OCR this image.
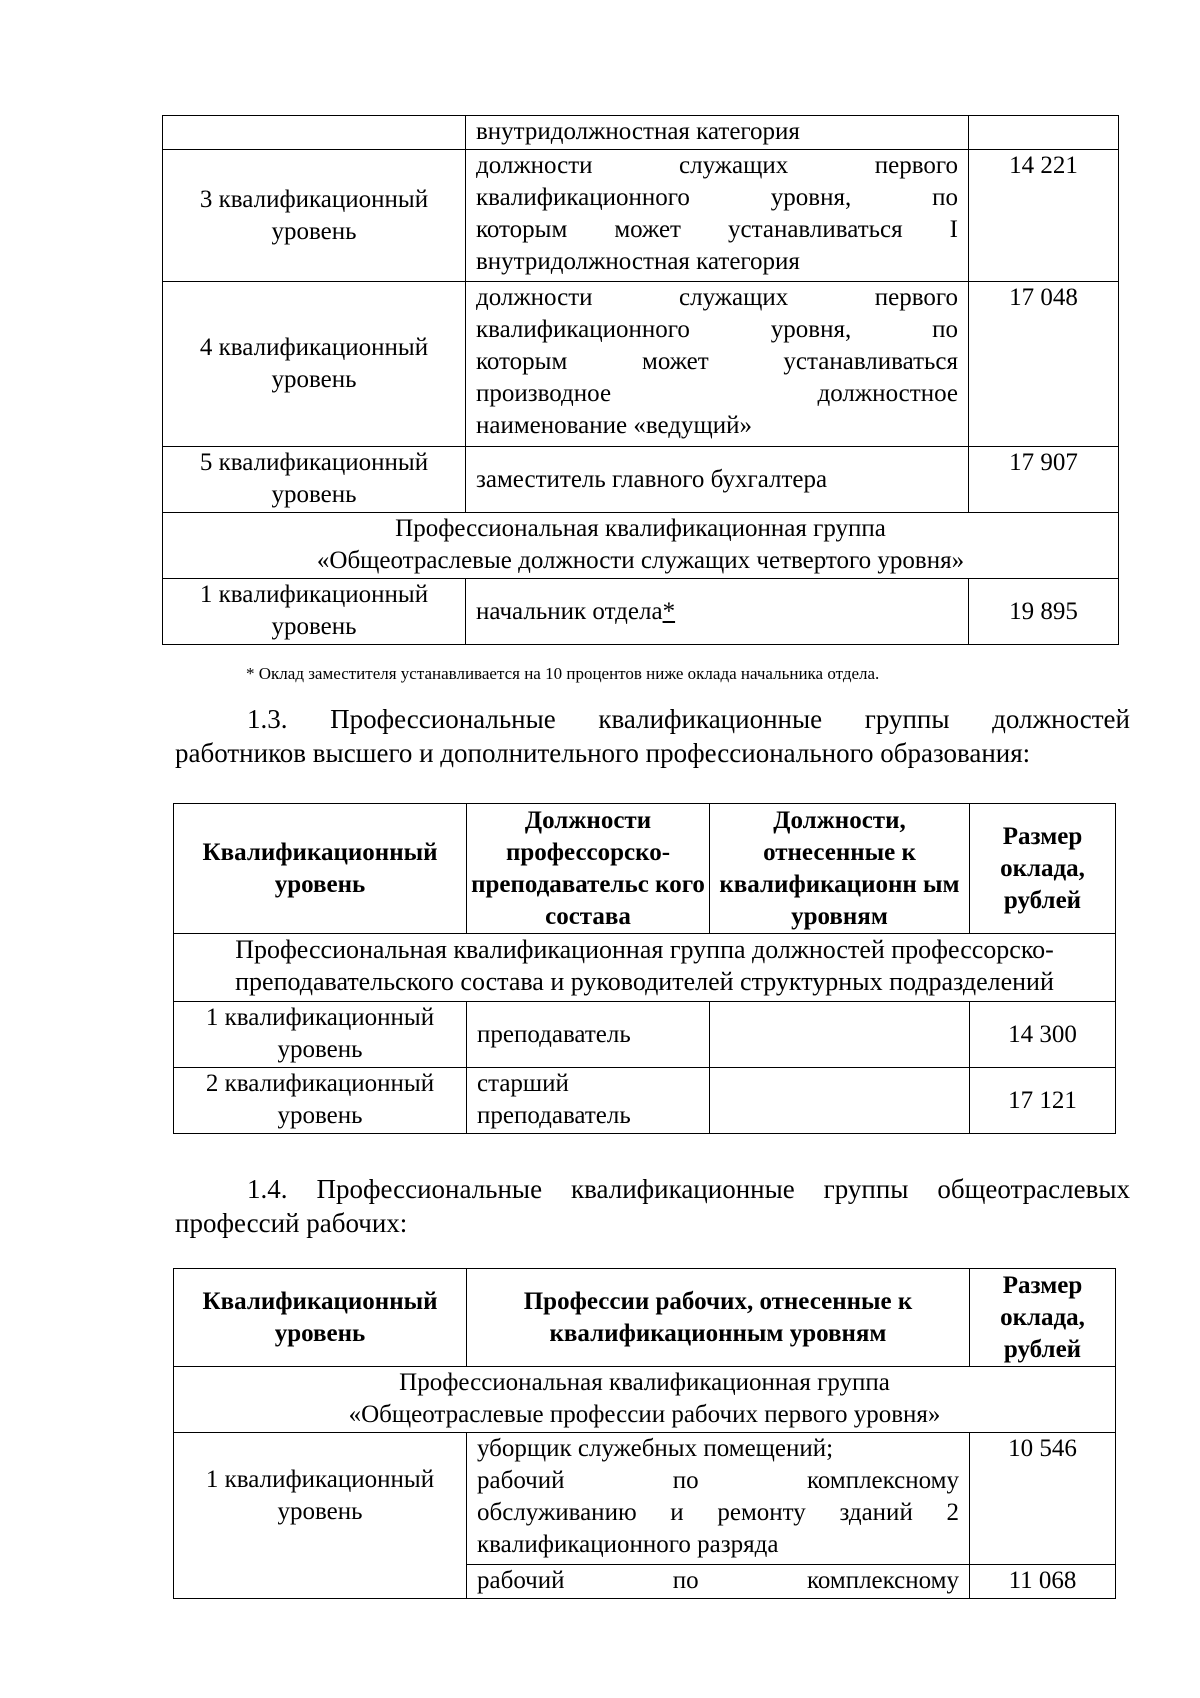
	внутридолжностная категория	
3 квалификационный уровень	должности служащих первого
квалификационного уровня, по
которым может устанавливаться I
внутридолжностная категория	14 221
4 квалификационный уровень	должности служащих первого
квалификационного уровня, по
которым может устанавливаться
производное должностное
наименование «ведущий»	17 048
5 квалификационный уровень	заместитель главного бухгалтера	17 907

Профессиональная квалификационная группа
«Общеотраслевые должности служащих четвертого уровня»		

1 квалификационный уровень	начальник отдела*	19 895
* Оклад заместителя устанавливается на 10 процентов ниже оклада начальника отдела.
1.3. Профессиональные квалификационные группы должностей
работников высшего и дополнительного профессионального образования:
Квалификационный уровень	Должности профессорско-преподавательс кого состава	Должности, отнесенные к квалификационн ым уровням	Размер оклада, рублей

Профессиональная квалификационная группа должностей профессорско-
преподавательского состава и руководителей структурных подразделений			

1 квалификационный уровень	преподаватель		14 300
2 квалификационный уровень	старший преподаватель		17 121
1.4. Профессиональные квалификационные группы общеотраслевых
профессий рабочих:
Квалификационный уровень	Профессии рабочих, отнесенные к квалификационным уровням	Размер оклада, рублей

Профессиональная квалификационная группа
«Общеотраслевые профессии рабочих первого уровня»		

1 квалификационный уровень	уборщик служебных помещений;
рабочий по комплексному
обслуживанию и ремонту зданий 2
квалификационного разряда	10 546

	рабочий по комплексному	11 068
